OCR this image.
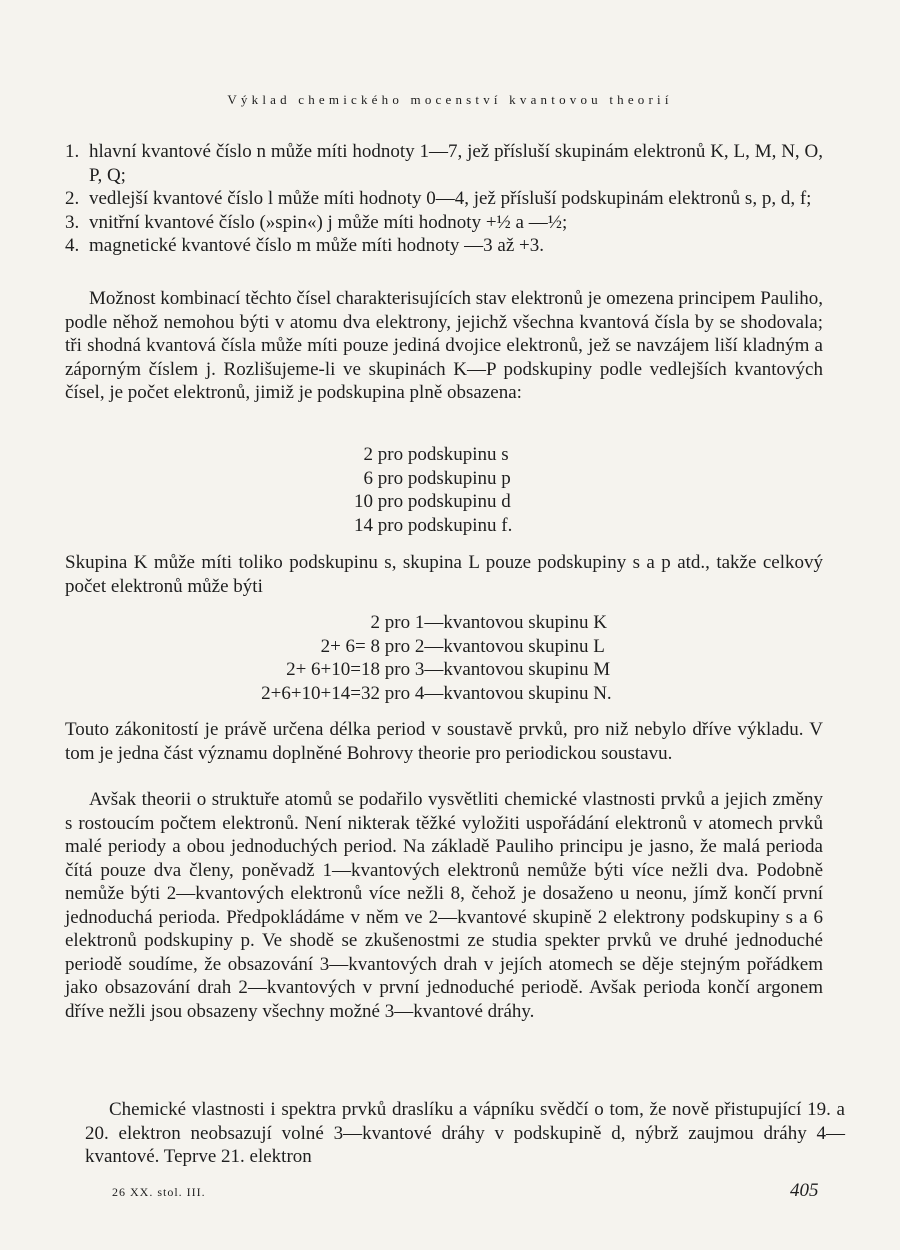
Výklad chemického mocenství kvantovou theorií
1. hlavní kvantové číslo n může míti hodnoty 1—7, jež přísluší skupinám elektronů K, L, M, N, O, P, Q;
2. vedlejší kvantové číslo l může míti hodnoty 0—4, jež přísluší podskupinám elektronů s, p, d, f;
3. vnitřní kvantové číslo (»spin«) j může míti hodnoty +½ a —½;
4. magnetické kvantové číslo m může míti hodnoty —3 až +3.
Možnost kombinací těchto čísel charakterisujících stav elektronů je omezena principem Pauliho, podle něhož nemohou býti v atomu dva elektrony, jejichž všechna kvantová čísla by se shodovala; tři shodná kvantová čísla může míti pouze jediná dvojice elektronů, jež se navzájem liší kladným a záporným číslem j. Rozlišujeme-li ve skupinách K—P podskupiny podle vedlejších kvantových čísel, je počet elektronů, jimiž je podskupina plně obsazena:
2 pro podskupinu s
6 pro podskupinu p
10 pro podskupinu d
14 pro podskupinu f.
Skupina K může míti toliko podskupinu s, skupina L pouze podskupiny s a p atd., takže celkový počet elektronů může býti
2 pro 1—kvantovou skupinu K
2+ 6= 8 pro 2—kvantovou skupinu L
2+ 6+10=18 pro 3—kvantovou skupinu M
2+6+10+14=32 pro 4—kvantovou skupinu N.
Touto zákonitostí je právě určena délka period v soustavě prvků, pro niž nebylo dříve výkladu. V tom je jedna část významu doplněné Bohrovy theorie pro periodickou soustavu.
Avšak theorii o struktuře atomů se podařilo vysvětliti chemické vlastnosti prvků a jejich změny s rostoucím počtem elektronů. Není nikterak těžké vyložiti uspořádání elektronů v atomech prvků malé periody a obou jednoduchých period. Na základě Pauliho principu je jasno, že malá perioda čítá pouze dva členy, poněvadž 1—kvantových elektronů nemůže býti více nežli dva. Podobně nemůže býti 2—kvantových elektronů více nežli 8, čehož je dosaženo u neonu, jímž končí první jednoduchá perioda. Předpokládáme v něm ve 2—kvantové skupině 2 elektrony podskupiny s a 6 elektronů podskupiny p. Ve shodě se zkušenostmi ze studia spekter prvků ve druhé jednoduché periodě soudíme, že obsazování 3—kvantových drah v jejích atomech se děje stejným pořádkem jako obsazování drah 2—kvantových v první jednoduché periodě. Avšak perioda končí argonem dříve nežli jsou obsazeny všechny možné 3—kvantové dráhy.
Chemické vlastnosti i spektra prvků draslíku a vápníku svědčí o tom, že nově přistupující 19. a 20. elektron neobsazují volné 3—kvantové dráhy v podskupině d, nýbrž zaujmou dráhy 4—kvantové. Teprve 21. elektron
26 XX. stol. III.	405
